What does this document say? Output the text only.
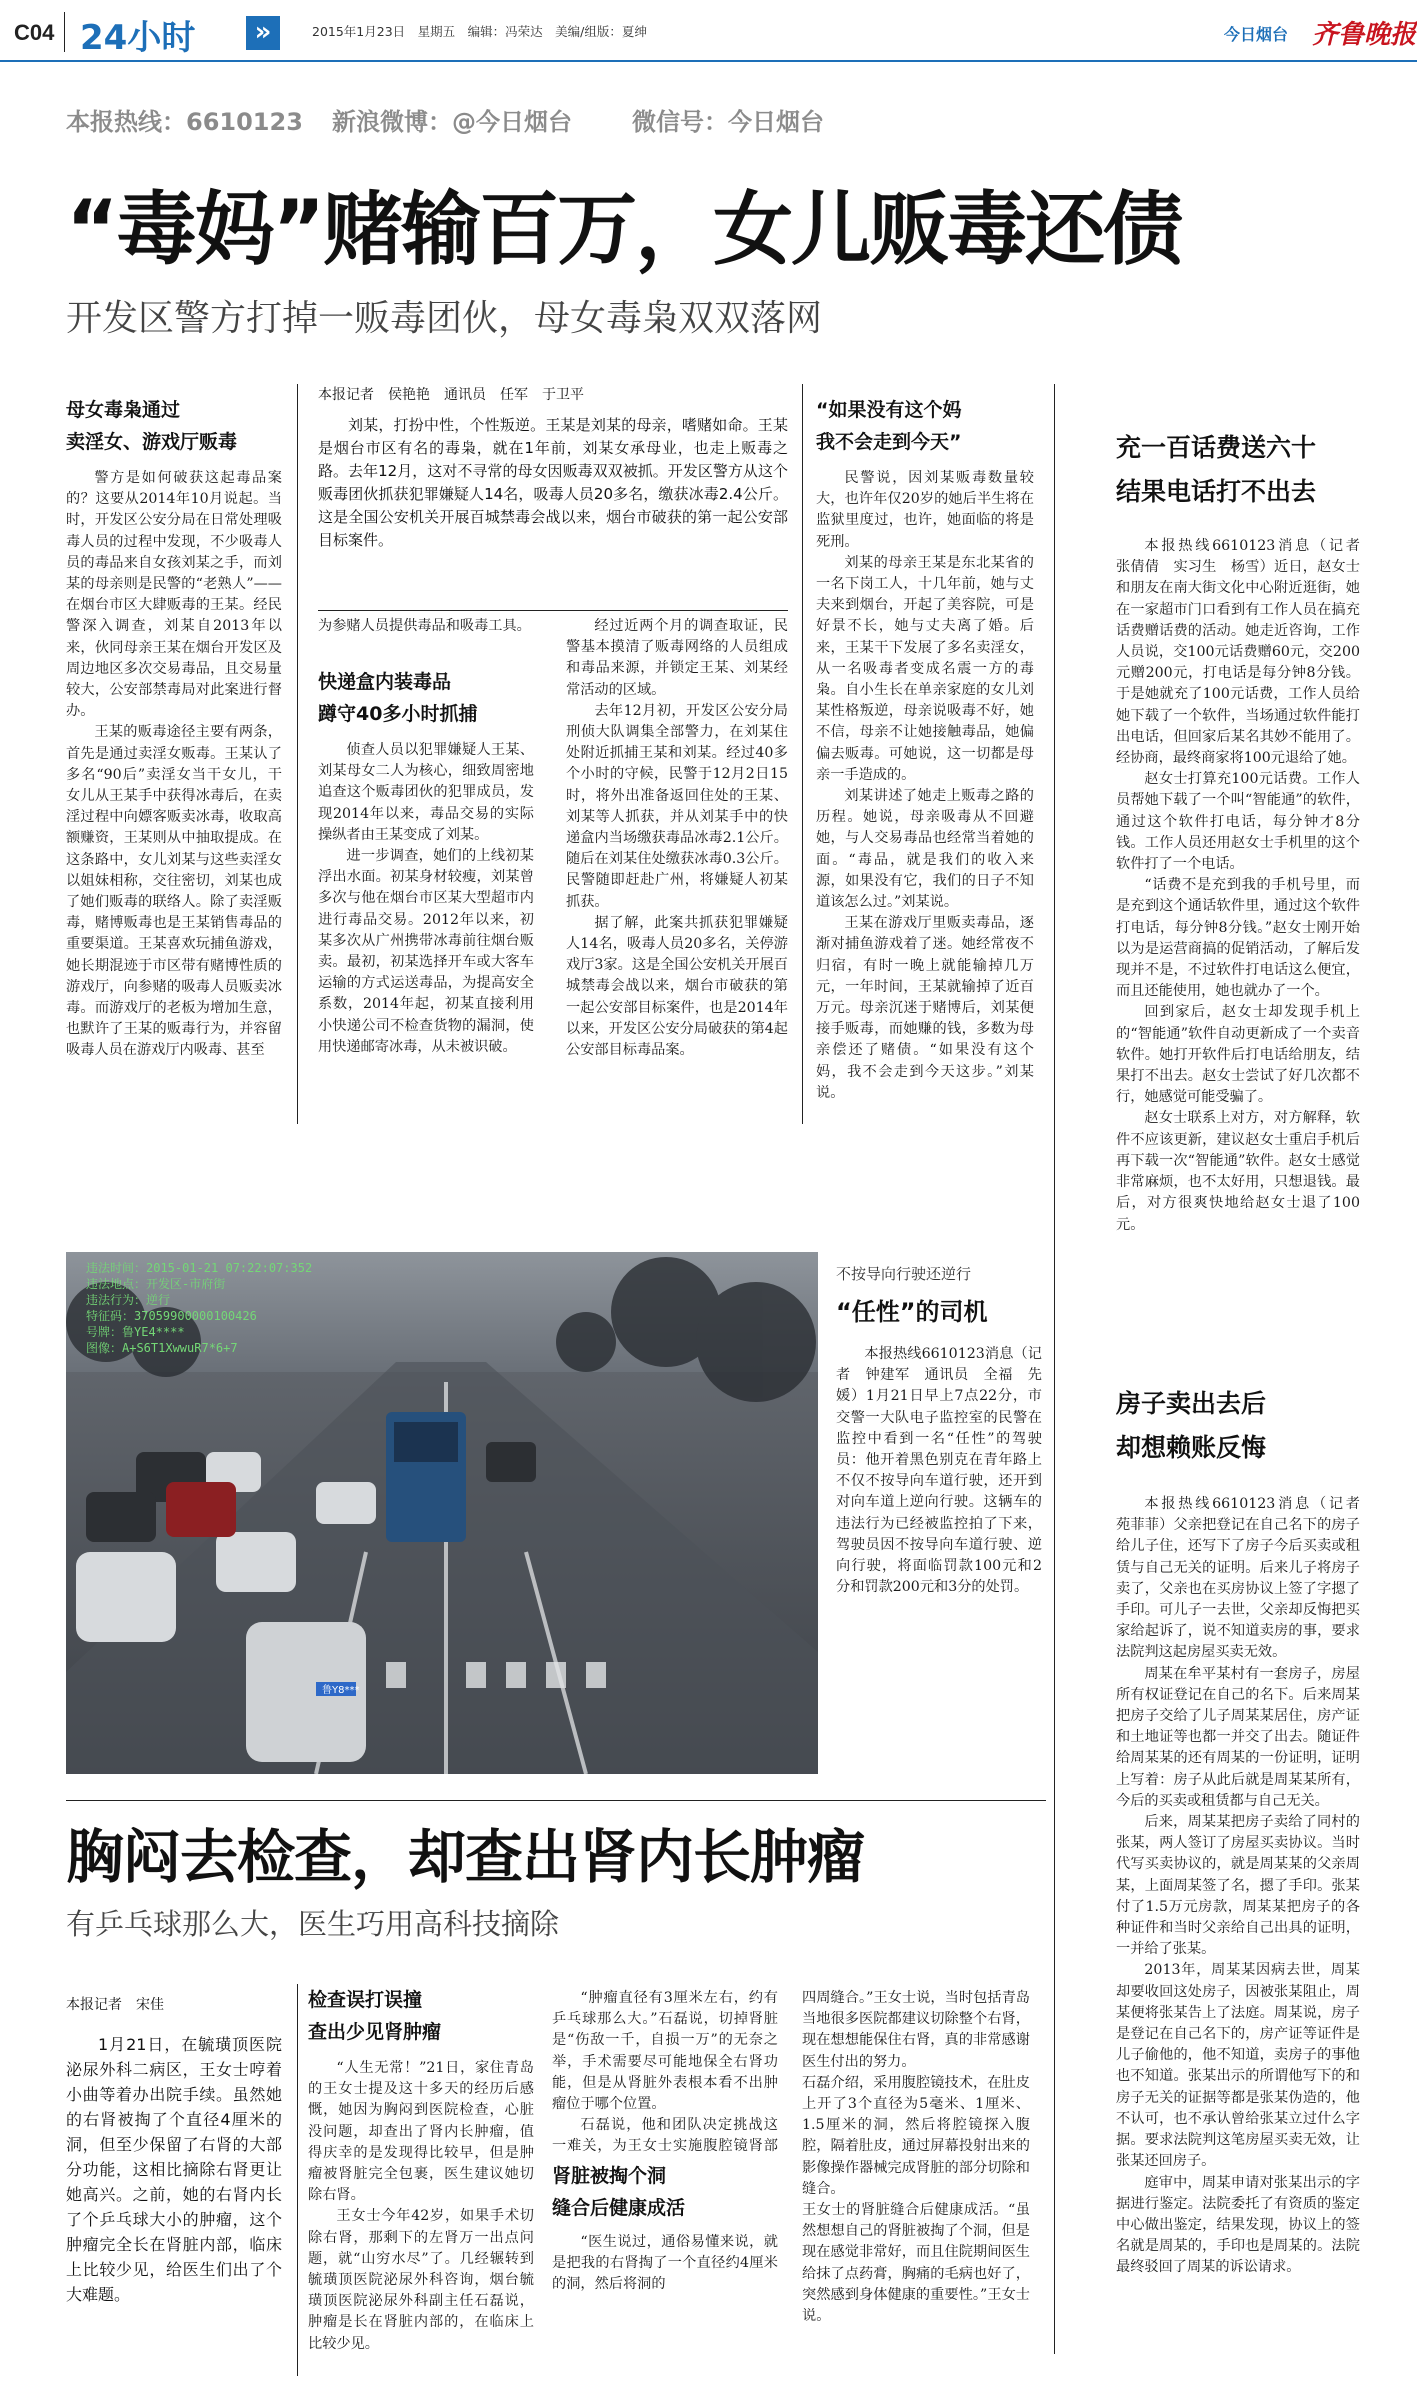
C04 24小时	»	2015年1月23日　星期五　编辑：冯荣达　美编/组版：夏绅	今日烟台 齐鲁晚报
本报热线：6610123 新浪微博：@今日烟台	微信号：今日烟台
“毒妈”赌输百万，女儿贩毒还债
开发区警方打掉一贩毒团伙，母女毒枭双双落网
母女毒枭通过
卖淫女、游戏厅贩毒

警方是如何破获这起毒品案的？这要从2014年10月说起。当时，开发区公安分局在日常处理吸毒人员的过程中发现，不少吸毒人员的毒品来自女孩刘某之手，而刘某的母亲则是民警的“老熟人”——在烟台市区大肆贩毒的王某。经民警深入调查，刘某自2013年以来，伙同母亲王某在烟台开发区及周边地区多次交易毒品，且交易量较大，公安部禁毒局对此案进行督办。

王某的贩毒途径主要有两条，首先是通过卖淫女贩毒。王某认了多名“90后”卖淫女当干女儿，干女儿从王某手中获得冰毒后，在卖淫过程中向嫖客贩卖冰毒，收取高额赚资，王某则从中抽取提成。在这条路中，女儿刘某与这些卖淫女以姐妹相称，交往密切，刘某也成了她们贩毒的联络人。除了卖淫贩毒，赌博贩毒也是王某销售毒品的重要渠道。王某喜欢玩捕鱼游戏，她长期混迹于市区带有赌博性质的游戏厅，向参赌的吸毒人员贩卖冰毒。而游戏厅的老板为增加生意，也默许了王某的贩毒行为，并容留吸毒人员在游戏厅内吸毒、甚至

本报记者　侯艳艳　通讯员　任军　于卫平
刘某，打扮中性，个性叛逆。王某是刘某的母亲，嗜赌如命。王某是烟台市区有名的毒枭，就在1年前，刘某女承母业，也走上贩毒之路。去年12月，这对不寻常的母女因贩毒双双被抓。开发区警方从这个贩毒团伙抓获犯罪嫌疑人14名，吸毒人员20多名，缴获冰毒2.4公斤。这是全国公安机关开展百城禁毒会战以来，烟台市破获的第一起公安部目标案件。
为参赌人员提供毒品和吸毒工具。
快递盒内装毒品
蹲守40多小时抓捕

侦查人员以犯罪嫌疑人王某、刘某母女二人为核心，细致周密地追查这个贩毒团伙的犯罪成员，发现2014年以来，毒品交易的实际操纵者由王某变成了刘某。

进一步调查，她们的上线初某浮出水面。初某身材较瘦，刘某曾多次与他在烟台市区某大型超市内进行毒品交易。2012年以来，初某多次从广州携带冰毒前往烟台贩卖。最初，初某选择开车或大客车运输的方式运送毒品，为提高安全系数，2014年起，初某直接利用小快递公司不检查货物的漏洞，使用快递邮寄冰毒，从未被识破。

经过近两个月的调查取证，民警基本摸清了贩毒网络的人员组成和毒品来源，并锁定王某、刘某经常活动的区域。

去年12月初，开发区公安分局刑侦大队调集全部警力，在刘某住处附近抓捕王某和刘某。经过40多个小时的守候，民警于12月2日15时，将外出准备返回住处的王某、刘某等人抓获，并从刘某手中的快递盒内当场缴获毒品冰毒2.1公斤。随后在刘某住处缴获冰毒0.3公斤。民警随即赶赴广州，将嫌疑人初某抓获。

据了解，此案共抓获犯罪嫌疑人14名，吸毒人员20多名，关停游戏厅3家。这是全国公安机关开展百城禁毒会战以来，烟台市破获的第一起公安部目标案件，也是2014年以来，开发区公安分局破获的第4起公安部目标毒品案。

“如果没有这个妈
我不会走到今天”

民警说，因刘某贩毒数量较大，也许年仅20岁的她后半生将在监狱里度过，也许，她面临的将是死刑。

刘某的母亲王某是东北某省的一名下岗工人，十几年前，她与丈夫来到烟台，开起了美容院，可是好景不长，她与丈夫离了婚。后来，王某干下发展了多名卖淫女，从一名吸毒者变成名震一方的毒枭。自小生长在单亲家庭的女儿刘某性格叛逆，母亲说吸毒不好，她不信，母亲不让她接触毒品，她偏偏去贩毒。可她说，这一切都是母亲一手造成的。

刘某讲述了她走上贩毒之路的历程。她说，母亲吸毒从不回避她，与人交易毒品也经常当着她的面。“毒品，就是我们的收入来源，如果没有它，我们的日子不知道该怎么过。”刘某说。

王某在游戏厅里贩卖毒品，逐渐对捕鱼游戏着了迷。她经常夜不归宿，有时一晚上就能输掉几万元，一年时间，王某就输掉了近百万元。母亲沉迷于赌博后，刘某便接手贩毒，而她赚的钱，多数为母亲偿还了赌债。“如果没有这个妈，我不会走到今天这步。”刘某说。

鲁Y8***
违法时间：2015-01-21 07:22:07:352
违法地点：开发区-市府街
违法行为：逆行
特征码：37059900000100426
号牌：鲁YE4****
图像：A+S6T1XwwuR7*6+7
不按导向行驶还逆行
“任性”的司机
本报热线6610123消息（记者　钟建军　通讯员　全福　先媛）1月21日早上7点22分，市交警一大队电子监控室的民警在监控中看到一名“任性”的驾驶员：他开着黑色别克在青年路上不仅不按导向车道行驶，还开到对向车道上逆向行驶。这辆车的违法行为已经被监控拍了下来，驾驶员因不按导向车道行驶、逆向行驶，将面临罚款100元和2分和罚款200元和3分的处罚。
充一百话费送六十
结果电话打不出去

本报热线6610123消息（记者　张倩倩　实习生　杨雪）近日，赵女士和朋友在南大街文化中心附近逛街，她在一家超市门口看到有工作人员在搞充话费赠话费的活动。她走近咨询，工作人员说，交100元话费赠60元，交200元赠200元，打电话是每分钟8分钱。于是她就充了100元话费，工作人员给她下载了一个软件，当场通过软件能打出电话，但回家后某名其妙不能用了。经协商，最终商家将100元退给了她。

赵女士打算充100元话费。工作人员帮她下载了一个叫“智能通”的软件，通过这个软件打电话，每分钟才8分钱。工作人员还用赵女士手机里的这个软件打了一个电话。

“话费不是充到我的手机号里，而是充到这个通话软件里，通过这个软件打电话，每分钟8分钱。”赵女士刚开始以为是运营商搞的促销活动，了解后发现并不是，不过软件打电话这么便宜，而且还能使用，她也就办了一个。

回到家后，赵女士却发现手机上的“智能通”软件自动更新成了一个卖音软件。她打开软件后打电话给朋友，结果打不出去。赵女士尝试了好几次都不行，她感觉可能受骗了。

赵女士联系上对方，对方解释，软件不应该更新，建议赵女士重启手机后再下载一次“智能通”软件。赵女士感觉非常麻烦，也不太好用，只想退钱。最后，对方很爽快地给赵女士退了100元。

房子卖出去后
却想赖账反悔

本报热线6610123消息（记者　苑菲菲）父亲把登记在自己名下的房子给儿子住，还写下了房子今后买卖或租赁与自己无关的证明。后来儿子将房子卖了，父亲也在买房协议上签了字摁了手印。可儿子一去世，父亲却反悔把买家给起诉了，说不知道卖房的事，要求法院判这起房屋买卖无效。

周某在牟平某村有一套房子，房屋所有权证登记在自己的名下。后来周某把房子交给了儿子周某某居住，房产证和土地证等也都一并交了出去。随证件给周某某的还有周某的一份证明，证明上写着：房子从此后就是周某某所有，今后的买卖或租赁都与自己无关。

后来，周某某把房子卖给了同村的张某，两人签订了房屋买卖协议。当时代写买卖协议的，就是周某某的父亲周某，上面周某签了名，摁了手印。张某付了1.5万元房款，周某某把房子的各种证件和当时父亲给自己出具的证明，一并给了张某。

2013年，周某某因病去世，周某却要收回这处房子，因被张某阻止，周某便将张某告上了法庭。周某说，房子是登记在自己名下的，房产证等证件是儿子偷他的，他不知道，卖房子的事他也不知道。张某出示的所谓他写下的和房子无关的证据等都是张某伪造的，他不认可，也不承认曾给张某立过什么字据。要求法院判这笔房屋买卖无效，让张某还回房子。

庭审中，周某申请对张某出示的字据进行鉴定。法院委托了有资质的鉴定中心做出鉴定，结果发现，协议上的签名就是周某的，手印也是周某的。法院最终驳回了周某的诉讼请求。

胸闷去检查，却查出肾内长肿瘤
有乒乓球那么大，医生巧用高科技摘除
本报记者　宋佳
1月21日，在毓璜顶医院泌尿外科二病区，王女士哼着小曲等着办出院手续。虽然她的右肾被掏了个直径4厘米的洞，但至少保留了右肾的大部分功能，这相比摘除右肾更让她高兴。之前，她的右肾内长了个乒乓球大小的肿瘤，这个肿瘤完全长在肾脏内部，临床上比较少见，给医生们出了个大难题。
检查误打误撞
查出少见肾肿瘤

“人生无常！”21日，家住青岛的王女士提及这十多天的经历后感慨，她因为胸闷到医院检查，心脏没问题，却查出了肾内长肿瘤，值得庆幸的是发现得比较早，但是肿瘤被肾脏完全包裹，医生建议她切除右肾。

王女士今年42岁，如果手术切除右肾，那剩下的左肾万一出点问题，就“山穷水尽”了。几经辗转到毓璜顶医院泌尿外科咨询，烟台毓璜顶医院泌尿外科副主任石磊说，肿瘤是长在肾脏内部的，在临床上比较少见。

“肿瘤直径有3厘米左右，约有乒乓球那么大。”石磊说，切掉肾脏是“伤敌一千，自损一万”的无奈之举，手术需要尽可能地保全右肾功能，但是从肾脏外表根本看不出肿瘤位于哪个位置。

石磊说，他和团队决定挑战这一难关，为王女士实施腹腔镜肾部

肾脏被掏个洞
缝合后健康成活

“医生说过，通俗易懂来说，就是把我的右肾掏了一个直径约4厘米的洞，然后将洞的

四周缝合。”王女士说，当时包括青岛当地很多医院都建议切除整个右肾，现在想想能保住右肾，真的非常感谢医生付出的努力。

石磊介绍，采用腹腔镜技术，在肚皮上开了3个直径为5毫米、1厘米、1.5厘米的洞，然后将腔镜探入腹腔，隔着肚皮，通过屏幕投射出来的影像操作器械完成肾脏的部分切除和缝合。

王女士的肾脏缝合后健康成活。“虽然想想自己的肾脏被掏了个洞，但是现在感觉非常好，而且住院期间医生给抹了点药膏，胸痛的毛病也好了，突然感到身体健康的重要性。”王女士说。
